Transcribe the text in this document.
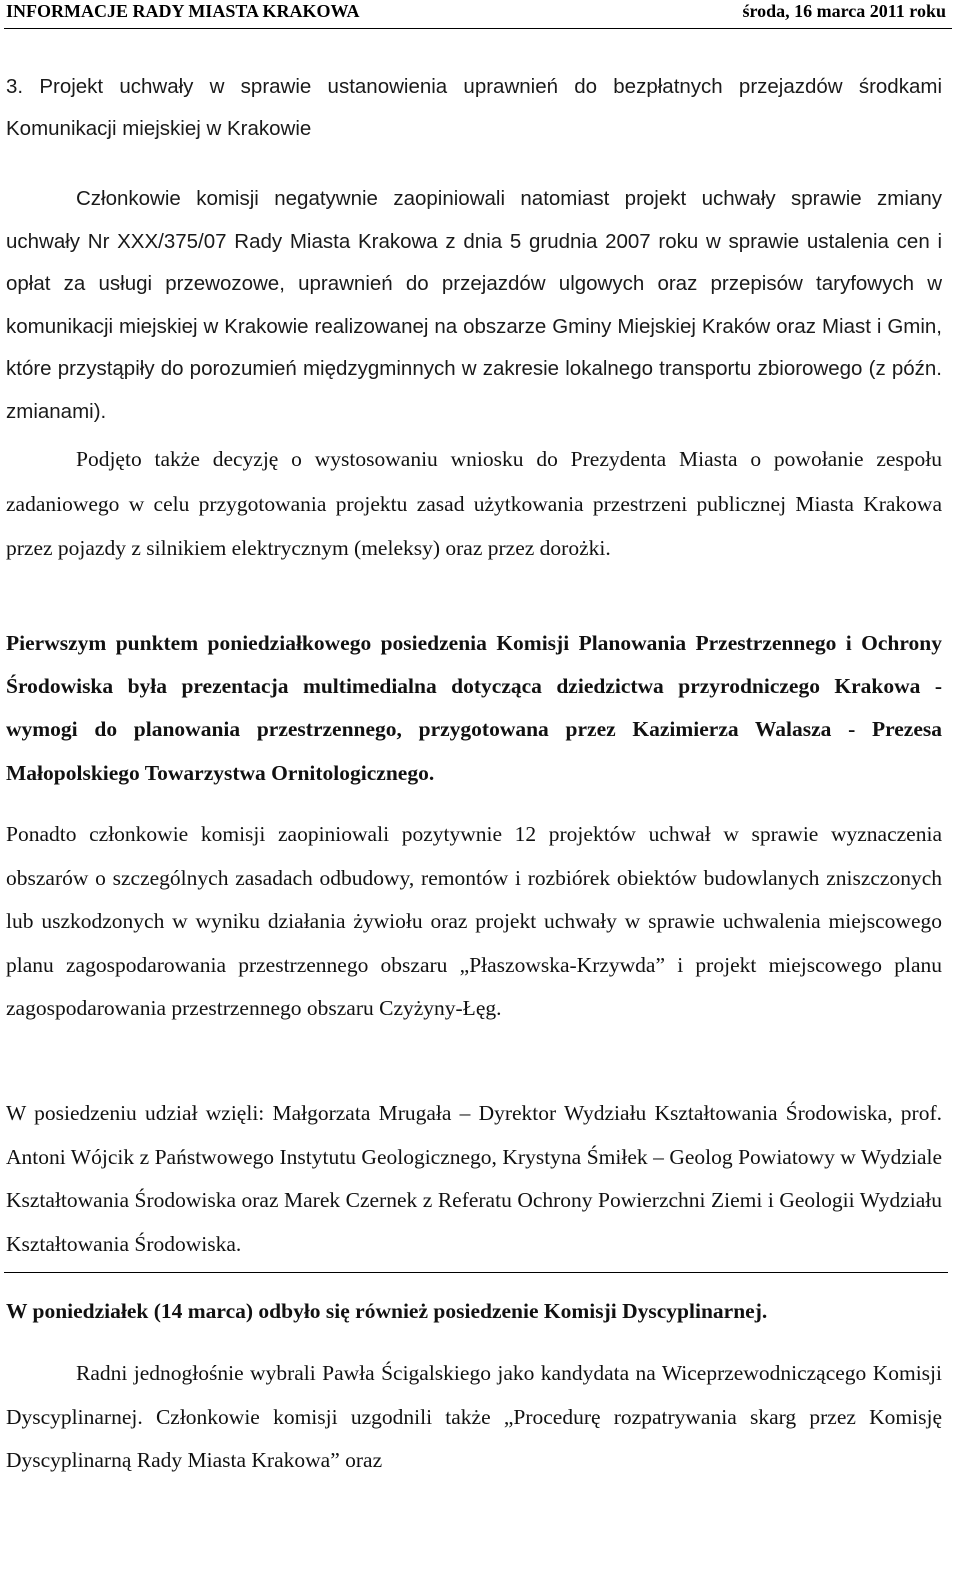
INFORMACJE RADY MIASTA KRAKOWA	środa, 16 marca 2011 roku

3. Projekt uchwały w sprawie ustanowienia uprawnień do bezpłatnych przejazdów środkami

Komunikacji miejskiej w Krakowie

Członkowie komisji negatywnie zaopiniowali natomiast projekt uchwały sprawie zmiany uchwały Nr XXX/375/07 Rady Miasta Krakowa z dnia 5 grudnia 2007 roku w sprawie ustalenia cen i opłat za usługi przewozowe, uprawnień do przejazdów ulgowych oraz przepisów taryfowych w komunikacji miejskiej w Krakowie realizowanej na obszarze Gminy Miejskiej Kraków oraz Miast i Gmin, które przystąpiły do porozumień międzygminnych w zakresie lokalnego transportu zbiorowego (z późn. zmianami).

Podjęto także decyzję o wystosowaniu wniosku do Prezydenta Miasta o powołanie zespołu zadaniowego w celu przygotowania projektu zasad użytkowania przestrzeni publicznej Miasta Krakowa przez pojazdy z silnikiem elektrycznym (meleksy) oraz przez dorożki.

Pierwszym punktem poniedziałkowego posiedzenia Komisji Planowania Przestrzennego i Ochrony Środowiska była prezentacja multimedialna dotycząca dziedzictwa przyrodniczego Krakowa - wymogi do planowania przestrzennego, przygotowana przez Kazimierza Walasza - Prezesa Małopolskiego Towarzystwa Ornitologicznego.

Ponadto członkowie komisji zaopiniowali pozytywnie 12 projektów uchwał w sprawie wyznaczenia obszarów o szczególnych zasadach odbudowy, remontów i rozbiórek obiektów budowlanych zniszczonych lub uszkodzonych w wyniku działania żywiołu oraz projekt uchwały w sprawie uchwalenia miejscowego planu zagospodarowania przestrzennego obszaru „Płaszowska-Krzywda” i projekt miejscowego planu zagospodarowania przestrzennego obszaru Czyżyny-Łęg.

W posiedzeniu udział wzięli: Małgorzata Mrugała – Dyrektor Wydziału Kształtowania Środowiska, prof. Antoni Wójcik z Państwowego Instytutu Geologicznego, Krystyna Śmiłek – Geolog Powiatowy w Wydziale Kształtowania Środowiska oraz Marek Czernek z Referatu Ochrony Powierzchni Ziemi i Geologii Wydziału Kształtowania Środowiska.

W poniedziałek (14 marca) odbyło się również posiedzenie Komisji Dyscyplinarnej.

Radni jednogłośnie wybrali Pawła Ścigalskiego jako kandydata na Wiceprzewodniczącego Komisji Dyscyplinarnej. Członkowie komisji uzgodnili także „Procedurę rozpatrywania skarg przez Komisję Dyscyplinarną Rady Miasta Krakowa” oraz
